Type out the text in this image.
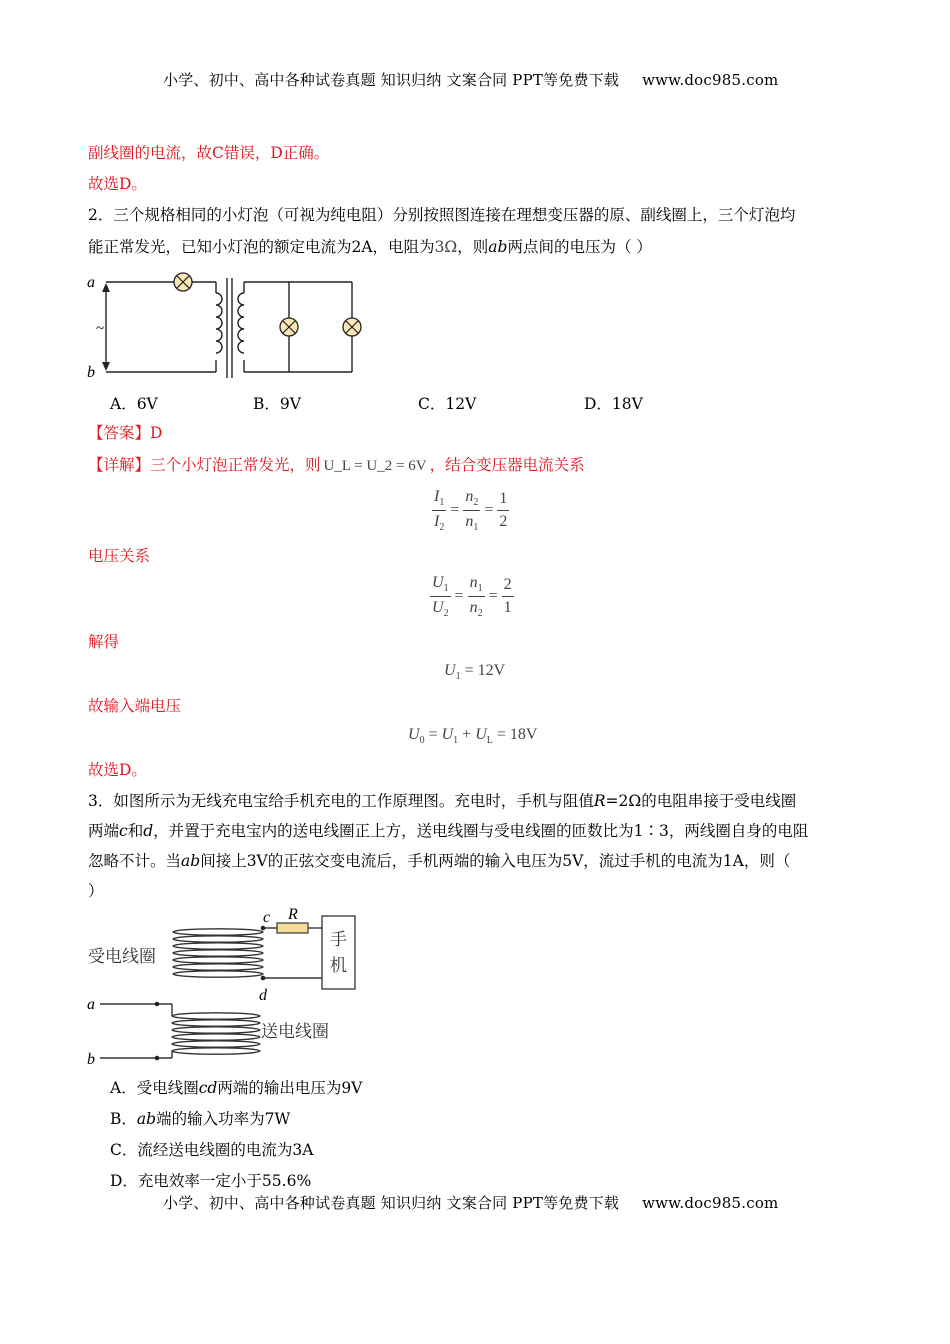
小学、初中、高中各种试卷真题 知识归纳 文案合同 PPT等免费下载 www.doc985.com
副线圈的电流，故C错误，D正确。
故选D。
2．三个规格相同的小灯泡（可视为纯电阻）分别按照图连接在理想变压器的原、副线圈上，三个灯泡均
能正常发光，已知小灯泡的额定电流为2A，电阻为3Ω，则ab两点间的电压为（ ）
a
b
~
A．6V	B．9V	C．12V	D．18V
【答案】D
【详解】三个小灯泡正常发光，则 U_L = U_2 = 6V ，结合变压器电流关系
$\frac{I_1}{I_2} = \frac{n_2}{n_1} = \frac{1}{2}$
电压关系
$\frac{U_1}{U_2} = \frac{n_1}{n_2} = \frac{2}{1}$
解得
$U_1 = 12V$
故输入端电压
$U_0 = U_1 + U_L = 18V$
故选D。
3．如图所示为无线充电宝给手机充电的工作原理图。充电时，手机与阻值R=2Ω的电阻串接于受电线圈
两端c和d，并置于充电宝内的送电线圈正上方，送电线圈与受电线圈的匝数比为1∶3，两线圈自身的电阻
忽略不计。当ab间接上3V的正弦交变电流后，手机两端的输入电压为5V，流过手机的电流为1A，则（
）
受电线圈
送电线圈
手
机
c R
d
a
b
A．受电线圈cd两端的输出电压为9V
B．ab端的输入功率为7W
C．流经送电线圈的电流为3A
D．充电效率一定小于55.6%
小学、初中、高中各种试卷真题 知识归纳 文案合同 PPT等免费下载 www.doc985.com
